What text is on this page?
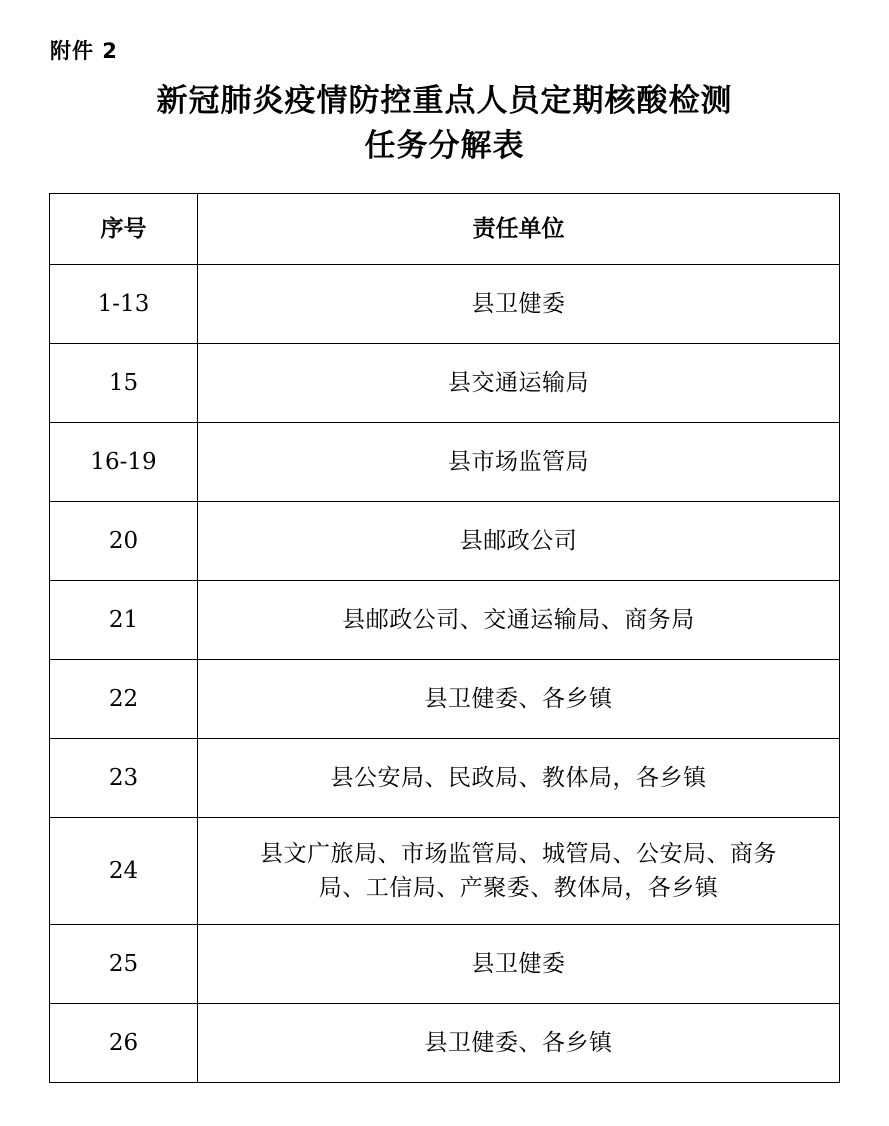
附件 2
新冠肺炎疫情防控重点人员定期核酸检测
任务分解表
序号	责任单位
1-13	县卫健委
15	县交通运输局
16-19	县市场监管局
20	县邮政公司
21	县邮政公司、交通运输局、商务局
22	县卫健委、各乡镇
23	县公安局、民政局、教体局，各乡镇
24	县文广旅局、市场监管局、城管局、公安局、商务
局、工信局、产聚委、教体局，各乡镇

25	县卫健委
26	县卫健委、各乡镇
